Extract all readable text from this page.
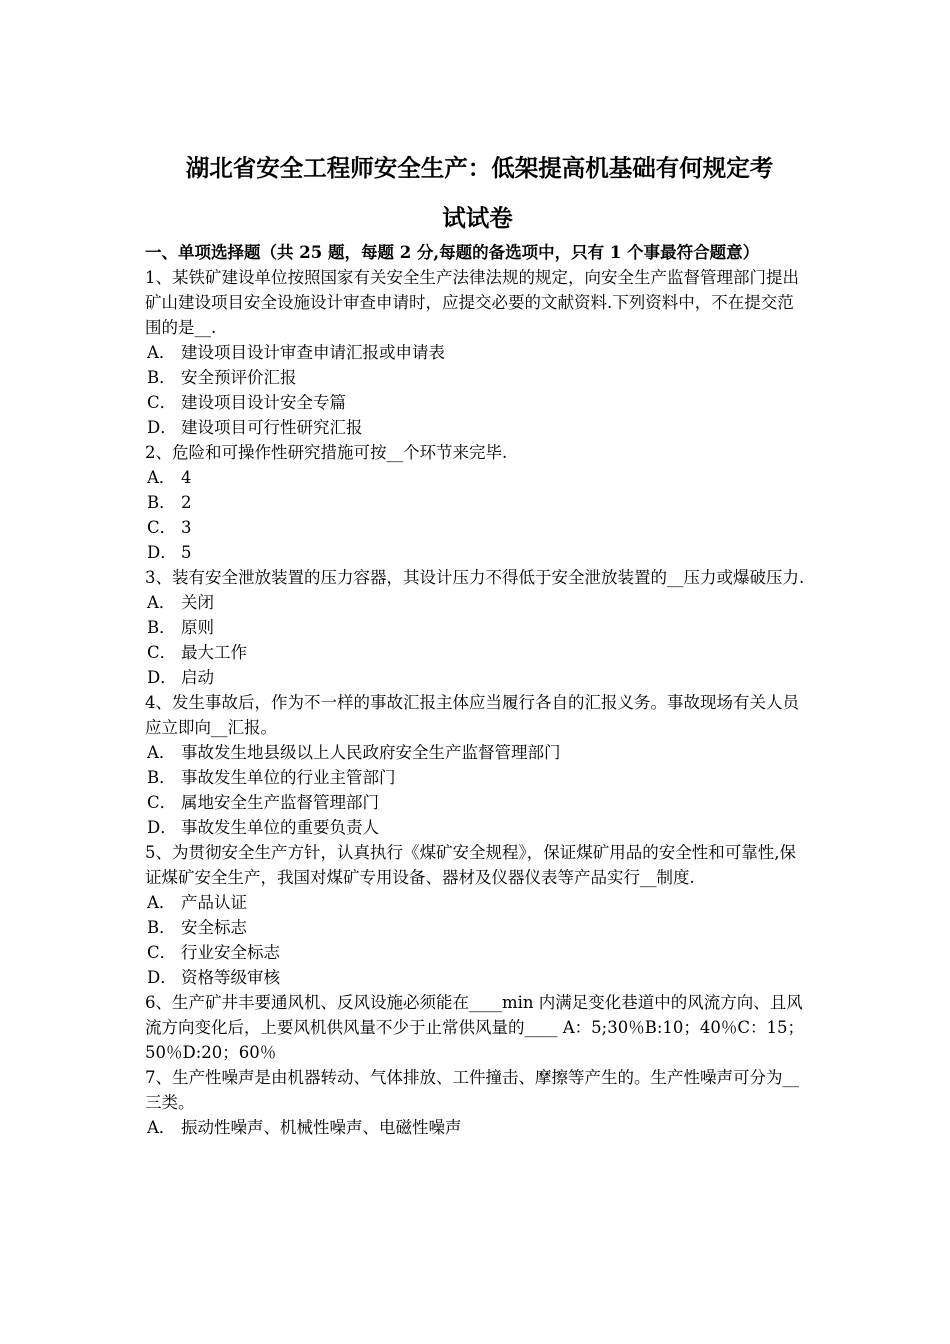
湖北省安全工程师安全生产：低架提高机基础有何规定考
试试卷
一、单项选择题（共 25 题，每题 2 分,每题的备选项中，只有 1 个事最符合题意）
1、某铁矿建设单位按照国家有关安全生产法律法规的规定，向安全生产监督管理部门提出矿山建设项目安全设施设计审查申请时，应提交必要的文献资料.下列资料中，不在提交范围的是__.
A． 建设项目设计审查申请汇报或申请表
B． 安全预评价汇报
C． 建设项目设计安全专篇
D． 建设项目可行性研究汇报
2、危险和可操作性研究措施可按__个环节来完毕.
A． 4
B． 2
C． 3
D． 5
3、装有安全泄放装置的压力容器，其设计压力不得低于安全泄放装置的__压力或爆破压力.
A． 关闭
B． 原则
C． 最大工作
D． 启动
4、发生事故后，作为不一样的事故汇报主体应当履行各自的汇报义务。事故现场有关人员应立即向__汇报。
A． 事故发生地县级以上人民政府安全生产监督管理部门
B． 事故发生单位的行业主管部门
C． 属地安全生产监督管理部门
D． 事故发生单位的重要负责人
5、为贯彻安全生产方针，认真执行《煤矿安全规程》，保证煤矿用品的安全性和可靠性,保证煤矿安全生产，我国对煤矿专用设备、器材及仪器仪表等产品实行__制度.
A． 产品认证
B． 安全标志
C． 行业安全标志
D． 资格等级审核
6、生产矿井丰要通风机、反风设施必须能在____min 内满足变化巷道中的风流方向、且风流方向变化后，上要风机供风量不少于止常供风量的____ A：5;30％B:10；40％C：15；50％D:20；60％
7、生产性噪声是由机器转动、气体排放、工件撞击、摩擦等产生的。生产性噪声可分为__三类。
A． 振动性噪声、机械性噪声、电磁性噪声
